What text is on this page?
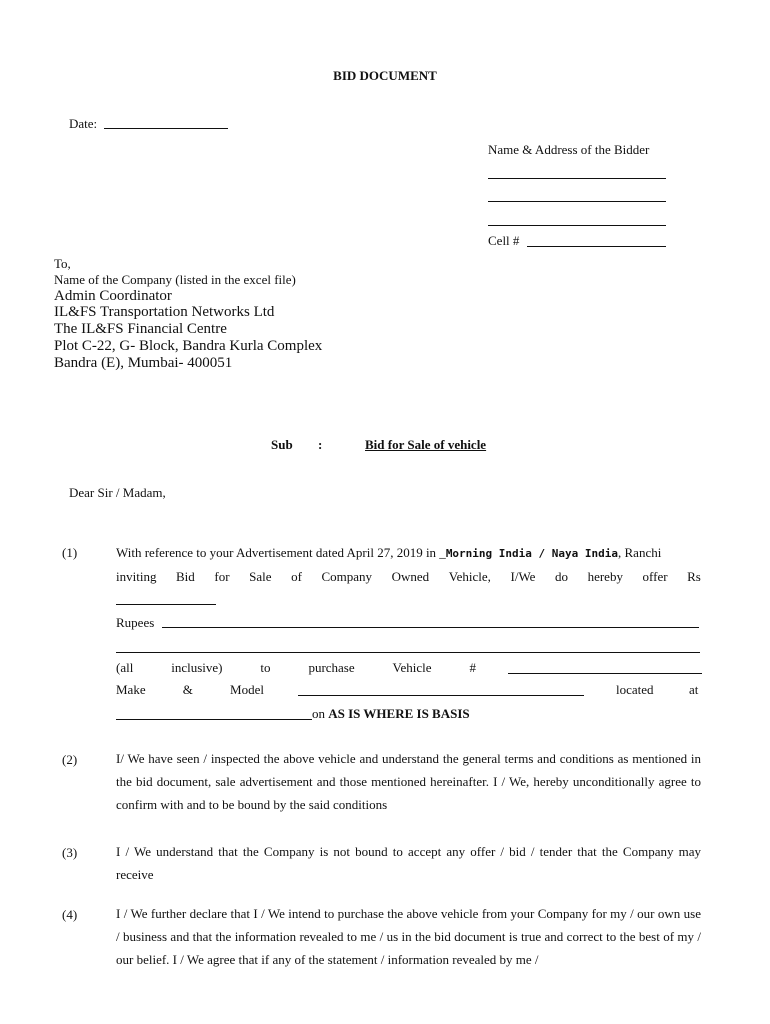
BID DOCUMENT
Date:
Name & Address of the Bidder
Cell #
To,
Name of the Company (listed in the excel file)
Admin Coordinator
IL&FS Transportation Networks Ltd
The IL&FS Financial Centre
Plot C-22, G- Block, Bandra Kurla Complex
Bandra (E), Mumbai- 400051
Sub :	Bid for Sale of vehicle
Dear Sir / Madam,
(1)	With reference to your Advertisement dated April 27, 2019 in _Morning India / Naya India, Ranchi
inviting Bid for Sale of Company Owned Vehicle, I/We do hereby offer Rs
Rupees
(all	inclusive)	to	purchase	Vehicle	#
Make	&	Model	located	at
on AS IS WHERE IS BASIS
(2)	I/ We have seen / inspected the above vehicle and understand the general terms and conditions as mentioned in the bid document, sale advertisement and those mentioned hereinafter. I / We, hereby unconditionally agree to confirm with and to be bound by the said conditions
(3)	I / We understand that the Company is not bound to accept any offer / bid / tender that the Company may receive
(4)	I / We further declare that I / We intend to purchase the above vehicle from your Company for my / our own use / business and that the information revealed to me / us in the bid document is true and correct to the best of my / our belief. I / We agree that if any of the statement / information revealed by me /
